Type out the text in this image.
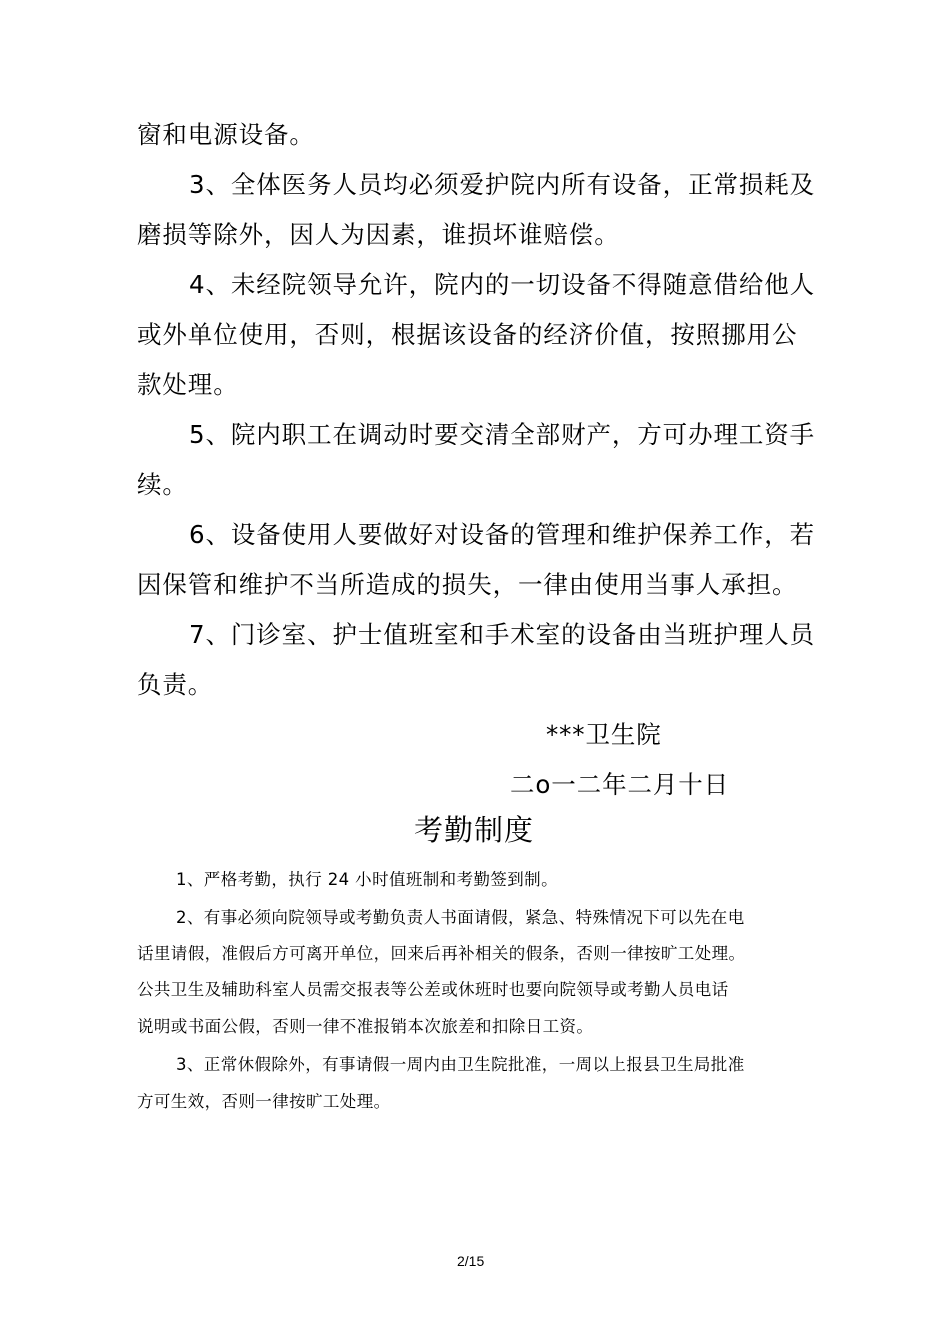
窗和电源设备。

3、全体医务人员均必须爱护院内所有设备，正常损耗及

磨损等除外，因人为因素，谁损坏谁赔偿。

4、未经院领导允许，院内的一切设备不得随意借给他人

或外单位使用，否则，根据该设备的经济价值，按照挪用公

款处理。

5、院内职工在调动时要交清全部财产，方可办理工资手

续。

6、设备使用人要做好对设备的管理和维护保养工作，若

因保管和维护不当所造成的损失，一律由使用当事人承担。

7、门诊室、护士值班室和手术室的设备由当班护理人员

负责。

***卫生院

二o一二年二月十日

考勤制度

1、严格考勤，执行 24 小时值班制和考勤签到制。

2、有事必须向院领导或考勤负责人书面请假，紧急、特殊情况下可以先在电

话里请假，准假后方可离开单位，回来后再补相关的假条，否则一律按旷工处理。

公共卫生及辅助科室人员需交报表等公差或休班时也要向院领导或考勤人员电话

说明或书面公假，否则一律不准报销本次旅差和扣除日工资。

3、正常休假除外，有事请假一周内由卫生院批准，一周以上报县卫生局批准

方可生效，否则一律按旷工处理。

2/15
